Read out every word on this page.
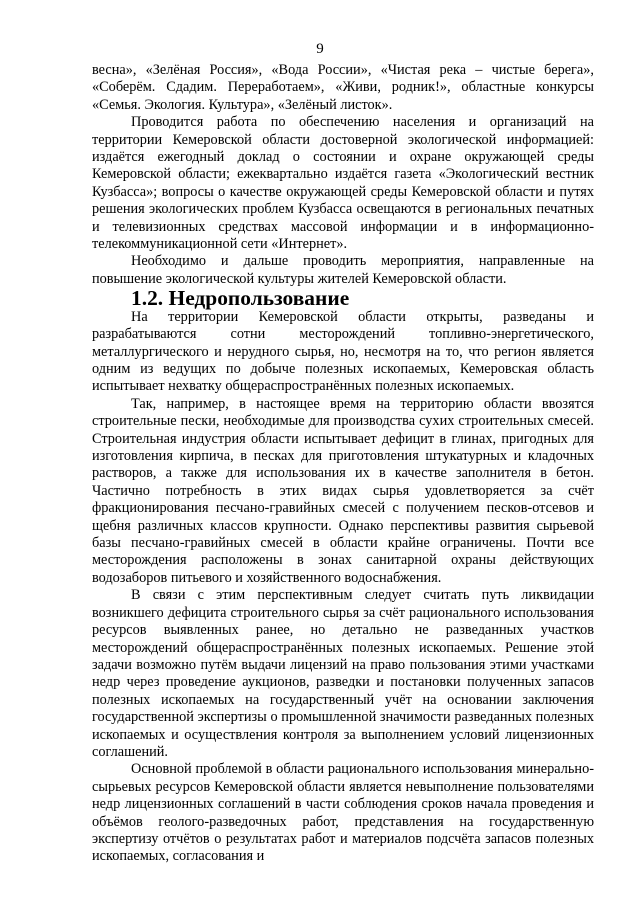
9

весна», «Зелёная Россия», «Вода России», «Чистая река – чистые берега», «Соберём. Сдадим. Переработаем», «Живи, родник!», областные конкурсы «Семья. Экология. Культура», «Зелёный листок».

Проводится работа по обеспечению населения и организаций на территории Кемеровской области достоверной экологической информацией: издаётся ежегодный доклад о состоянии и охране окружающей среды Кемеровской области; ежеквартально издаётся газета «Экологический вестник Кузбасса»; вопросы о качестве окружающей среды Кемеровской области и путях решения экологических проблем Кузбасса освещаются в региональных печатных и телевизионных средствах массовой информации и в информационно-телекоммуникационной сети «Интернет».

Необходимо и дальше проводить мероприятия, направленные на повышение экологической культуры жителей Кемеровской области.

1.2. Недропользование

На территории Кемеровской области открыты, разведаны и разрабатываются сотни месторождений топливно-энергетического, металлургического и нерудного сырья, но, несмотря на то, что регион является одним из ведущих по добыче полезных ископаемых, Кемеровская область испытывает нехватку общераспространённых полезных ископаемых.

Так, например, в настоящее время на территорию области ввозятся строительные пески, необходимые для производства сухих строительных смесей. Строительная индустрия области испытывает дефицит в глинах, пригодных для изготовления кирпича, в песках для приготовления штукатурных и кладочных растворов, а также для использования их в качестве заполнителя в бетон. Частично потребность в этих видах сырья удовлетворяется за счёт фракционирования песчано-гравийных смесей с получением песков-отсевов и щебня различных классов крупности. Однако перспективы развития сырьевой базы песчано-гравийных смесей в области крайне ограничены. Почти все месторождения расположены в зонах санитарной охраны действующих водозаборов питьевого и хозяйственного водоснабжения.

В связи с этим перспективным следует считать путь ликвидации возникшего дефицита строительного сырья за счёт рационального использования ресурсов выявленных ранее, но детально не разведанных участков месторождений общераспространённых полезных ископаемых. Решение этой задачи возможно путём выдачи лицензий на право пользования этими участками недр через проведение аукционов, разведки и постановки полученных запасов полезных ископаемых на государственный учёт на основании заключения государственной экспертизы о промышленной значимости разведанных полезных ископаемых и осуществления контроля за выполнением условий лицензионных соглашений.

Основной проблемой в области рационального использования минерально-сырьевых ресурсов Кемеровской области является невыполнение пользователями недр лицензионных соглашений в части соблюдения сроков начала проведения и объёмов геолого-разведочных работ, представления на государственную экспертизу отчётов о результатах работ и материалов подсчёта запасов полезных ископаемых, согласования и
